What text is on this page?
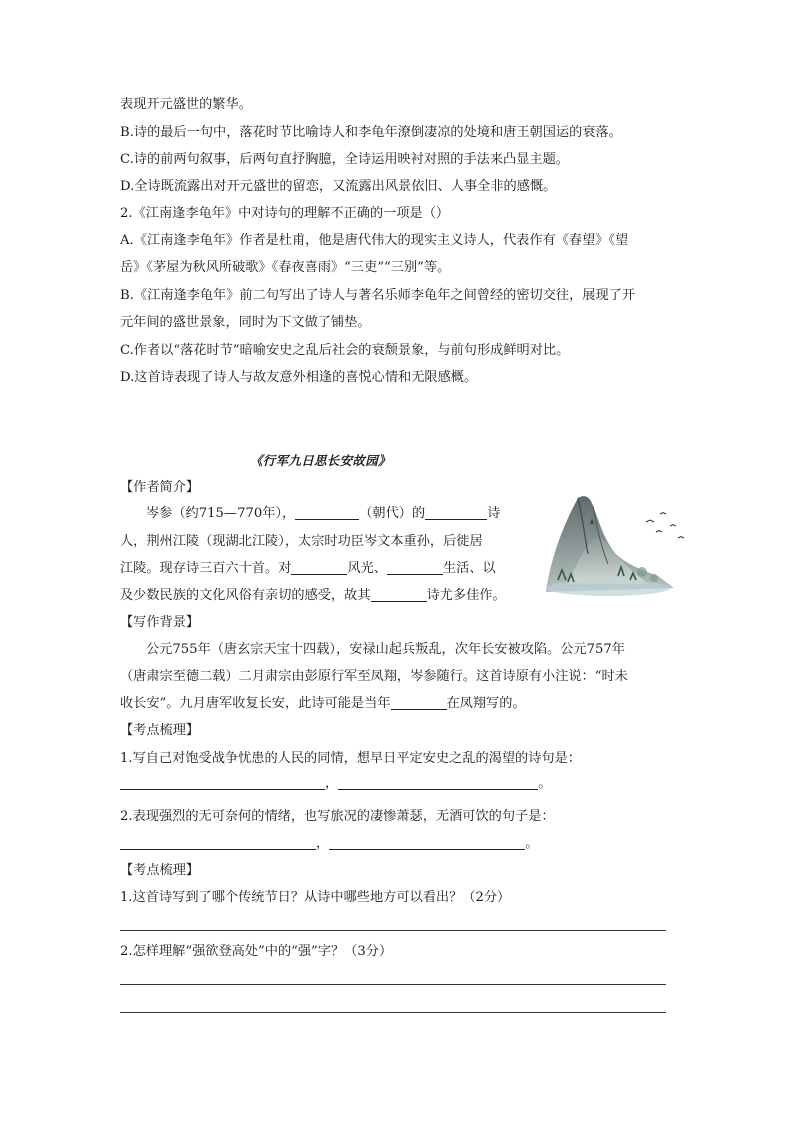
表现开元盛世的繁华。
B.诗的最后一句中，落花时节比喻诗人和李龟年潦倒凄凉的处境和唐王朝国运的衰落。
C.诗的前两句叙事，后两句直抒胸臆，全诗运用映衬对照的手法来凸显主题。
D.全诗既流露出对开元盛世的留恋，又流露出风景依旧、人事全非的感慨。
2.《江南逢李龟年》中对诗句的理解不正确的一项是（）
A.《江南逢李龟年》作者是杜甫，他是唐代伟大的现实主义诗人，代表作有《春望》《望
岳》《茅屋为秋风所破歌》《春夜喜雨》“三吏”“三别”等。
B.《江南逢李龟年》前二句写出了诗人与著名乐师李龟年之间曾经的密切交往，展现了开
元年间的盛世景象，同时为下文做了铺垫。
C.作者以“落花时节”暗喻安史之乱后社会的衰颓景象，与前句形成鲜明对比。
D.这首诗表现了诗人与故友意外相逢的喜悦心情和无限感概。
《行军九日思长安故园》
【作者简介】
岑参（约715—770年），	（朝代）的	诗
人，荆州江陵（现湖北江陵），太宗时功臣岑文本重孙，后徙居
江陵。现存诗三百六十首。对	风光、	生活、以
及少数民族的文化风俗有亲切的感受，故其	诗尤多佳作。
【写作背景】
公元755年（唐玄宗天宝十四载），安禄山起兵叛乱，次年长安被攻陷。公元757年
（唐肃宗至德二载）二月肃宗由彭原行军至凤翔，岑参随行。这首诗原有小注说：“时未
收长安”。九月唐军收复长安，此诗可能是当年	在凤翔写的。
【考点梳理】
1.写自己对饱受战争忧患的人民的同情，想早日平定安史之乱的渴望的诗句是：
，	。
2.表现强烈的无可奈何的情绪，也写旅况的凄惨萧瑟，无酒可饮的句子是：
，	。
【考点梳理】
1.这首诗写到了哪个传统节日？从诗中哪些地方可以看出？（2分）
2.怎样理解“强欲登高处”中的“强”字？（3分）
